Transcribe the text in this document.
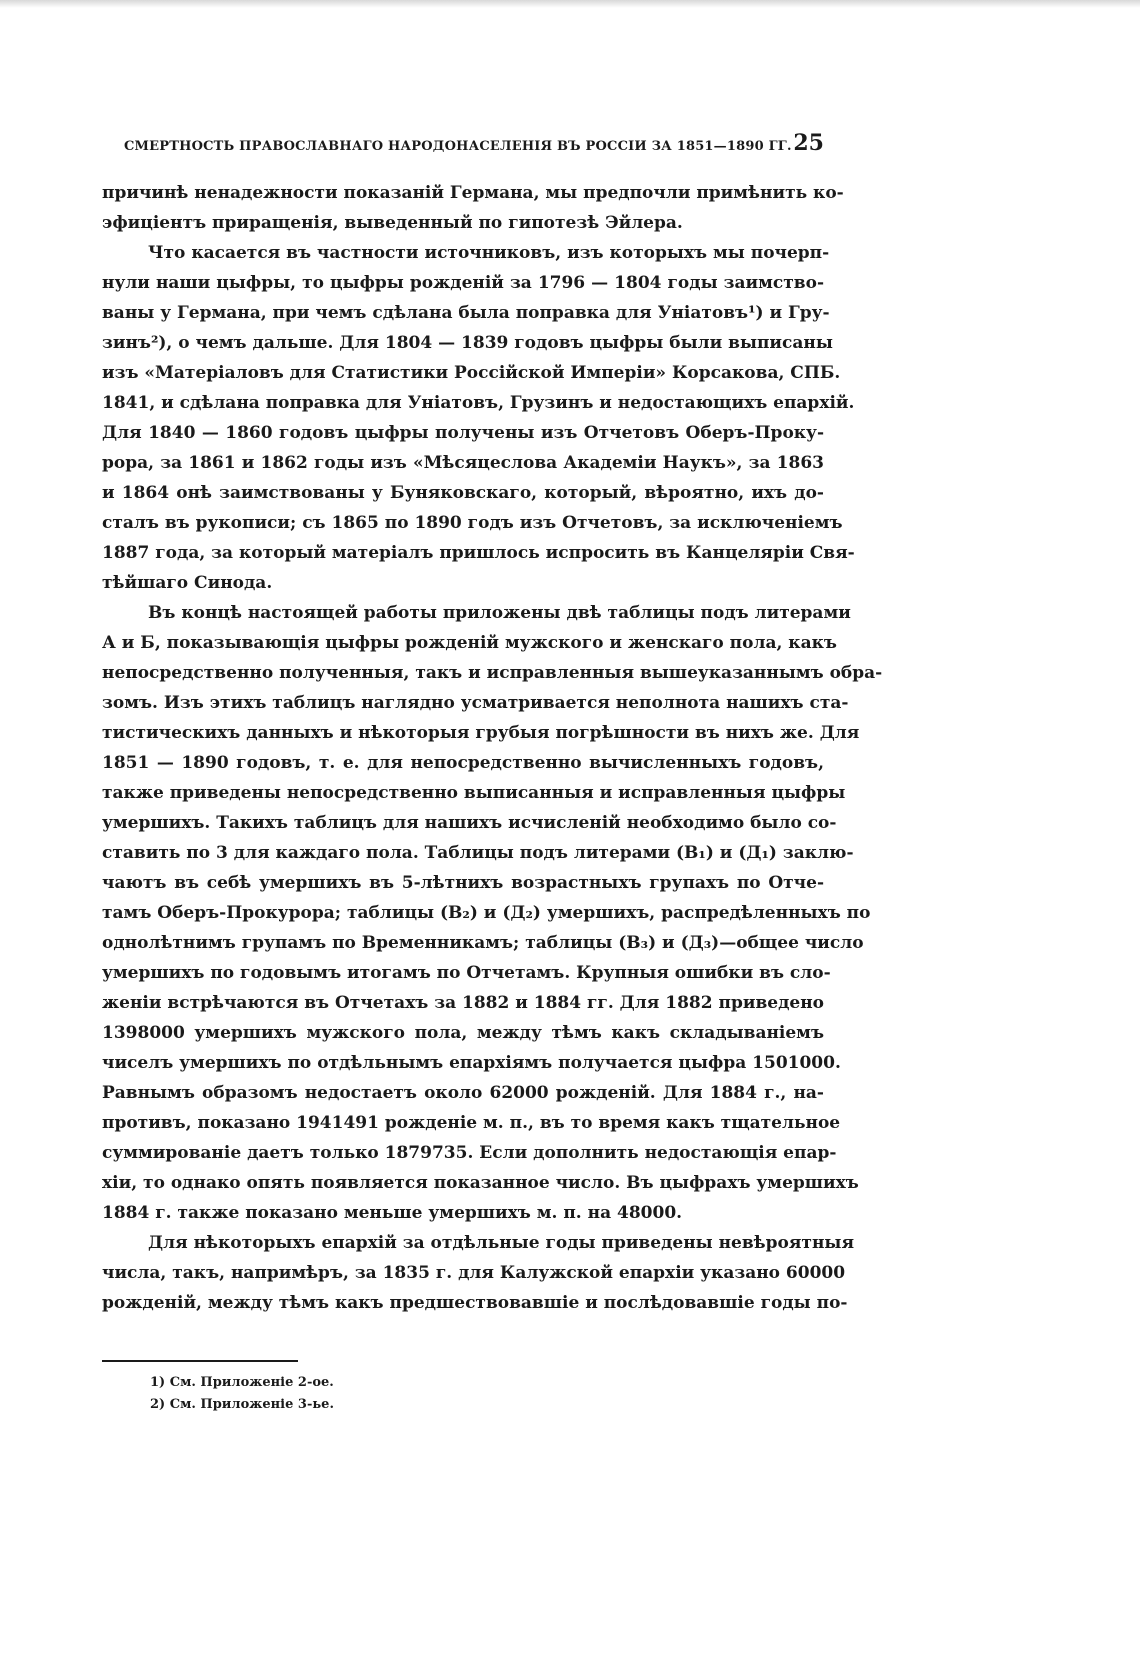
СМЕРТНОСТЬ ПРАВОСЛАВНАГО НАРОДОНАСЕЛЕНІЯ ВЪ РОССІИ ЗА 1851—1890 ГГ. 25
причинѣ ненадежности показаній Германа, мы предпочли примѣнить ко-
эфиціентъ приращенія, выведенный по гипотезѣ Эйлера.
Что касается въ частности источниковъ, изъ которыхъ мы почерп-
нули наши цыфры, то цыфры рожденій за 1796 — 1804 годы заимство-
ваны у Германа, при чемъ сдѣлана была поправка для Уніатовъ¹) и Гру-
зинъ²), о чемъ дальше. Для 1804 — 1839 годовъ цыфры были выписаны
изъ «Матеріаловъ для Статистики Россійской Имперіи» Корсакова, СПБ.
1841, и сдѣлана поправка для Уніатовъ, Грузинъ и недостающихъ епархій.
Для 1840 — 1860 годовъ цыфры получены изъ Отчетовъ Оберъ-Проку-
рора, за 1861 и 1862 годы изъ «Мѣсяцеслова Академіи Наукъ», за 1863
и 1864 онѣ заимствованы у Буняковскаго, который, вѣроятно, ихъ до-
сталъ въ рукописи; съ 1865 по 1890 годъ изъ Отчетовъ, за исключеніемъ
1887 года, за который матеріалъ пришлось испросить въ Канцеляріи Свя-
тѣйшаго Синода.
Въ концѣ настоящей работы приложены двѣ таблицы подъ литерами
А и Б, показывающія цыфры рожденій мужского и женскаго пола, какъ
непосредственно полученныя, такъ и исправленныя вышеуказаннымъ обра-
зомъ. Изъ этихъ таблицъ наглядно усматривается неполнота нашихъ ста-
тистическихъ данныхъ и нѣкоторыя грубыя погрѣшности въ нихъ же. Для
1851 — 1890 годовъ, т. е. для непосредственно вычисленныхъ годовъ,
также приведены непосредственно выписанныя и исправленныя цыфры
умершихъ. Такихъ таблицъ для нашихъ исчисленій необходимо было со-
ставить по 3 для каждаго пола. Таблицы подъ литерами (В₁) и (Д₁) заклю-
чаютъ въ себѣ умершихъ въ 5-лѣтнихъ возрастныхъ групахъ по Отче-
тамъ Оберъ-Прокурора; таблицы (В₂) и (Д₂) умершихъ, распредѣленныхъ по
однолѣтнимъ групамъ по Временникамъ; таблицы (В₃) и (Д₃)—общее число
умершихъ по годовымъ итогамъ по Отчетамъ. Крупныя ошибки въ сло-
женіи встрѣчаются въ Отчетахъ за 1882 и 1884 гг. Для 1882 приведено
1398000 умершихъ мужского пола, между тѣмъ какъ складываніемъ
чиселъ умершихъ по отдѣльнымъ епархіямъ получается цыфра 1501000.
Равнымъ образомъ недостаетъ около 62000 рожденій. Для 1884 г., на-
противъ, показано 1941491 рожденіе м. п., въ то время какъ тщательное
суммированіе даетъ только 1879735. Если дополнить недостающія епар-
хіи, то однако опять появляется показанное число. Въ цыфрахъ умершихъ
1884 г. также показано меньше умершихъ м. п. на 48000.
Для нѣкоторыхъ епархій за отдѣльные годы приведены невѣроятныя
числа, такъ, напримѣръ, за 1835 г. для Калужской епархіи указано 60000
рожденій, между тѣмъ какъ предшествовавшіе и послѣдовавшіе годы по-
1) См. Приложеніе 2-ое.
2) См. Приложеніе 3-ье.
